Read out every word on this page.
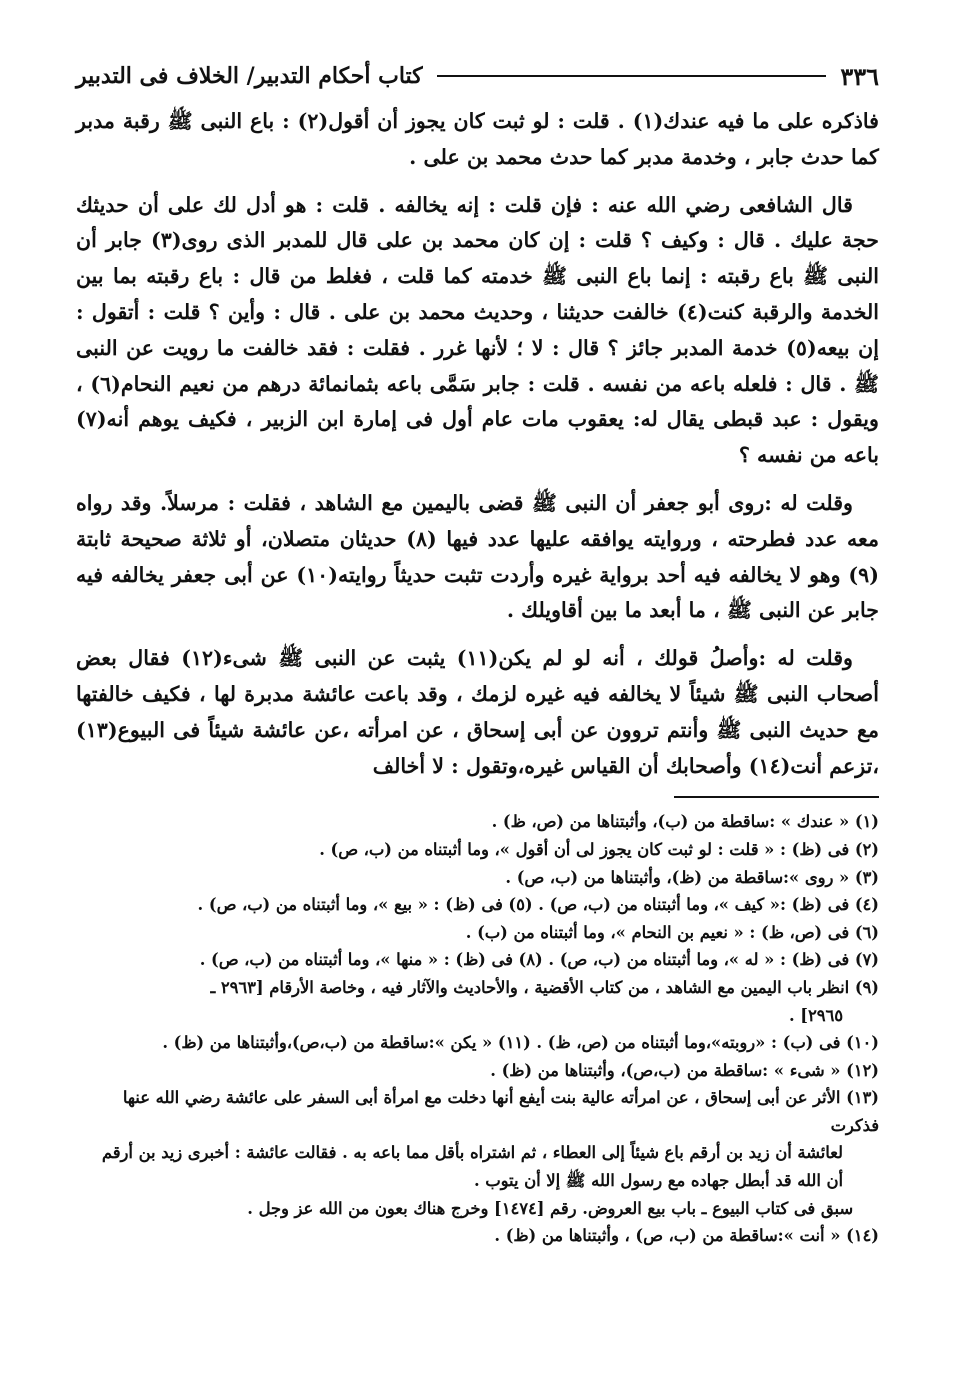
٣٣٦
كتاب أحكام التدبير/ الخلاف فى التدبير

فاذكره على ما فيه عندك(١) . قلت : لو ثبت كان يجوز أن أقول(٢) : باع النبى ﷺ رقبة مدبر كما حدث جابر ، وخدمة مدبر كما حدث محمد بن على .

قال الشافعى رضي الله عنه : فإن قلت : إنه يخالفه . قلت : هو أدل لك على أن حديثك حجة عليك . قال : وكيف ؟ قلت : إن كان محمد بن على قال للمدبر الذى روى(٣) جابر أن النبى ﷺ باع رقبته : إنما باع النبى ﷺ خدمته كما قلت ، فغلط من قال : باع رقبته بما بين الخدمة والرقبة كنت(٤) خالفت حديثنا ، وحديث محمد بن على . قال : وأين ؟ قلت : أتقول : إن بيعه(٥) خدمة المدبر جائز ؟ قال : لا ؛ لأنها غرر . فقلت : فقد خالفت ما رويت عن النبى ﷺ . قال : فلعله باعه من نفسه . قلت : جابر سَمَّى باعه بثمانمائة درهم من نعيم النحام(٦) ، ويقول : عبد قبطى يقال له: يعقوب مات عام أول فى إمارة ابن الزبير ، فكيف يوهم أنه(٧) باعه من نفسه ؟

وقلت له :روى أبو جعفر أن النبى ﷺ قضى باليمين مع الشاهد ، فقلت : مرسلاً. وقد رواه معه عدد فطرحته ، وروايته يوافقه عليها عدد فيها (٨) حديثان متصلان، أو ثلاثة صحيحة ثابتة (٩) وهو لا يخالفه فيه أحد برواية غيره وأردت تثبت حديثاً روايته(١٠) عن أبى جعفر يخالفه فيه جابر عن النبى ﷺ ، ما أبعد ما بين أقاويلك .

وقلت له :وأصلُ قولك ، أنه لو لم يكن(١١) يثبت عن النبى ﷺ شىء(١٢) فقال بعض أصحاب النبى ﷺ شيئاً لا يخالفه فيه غيره لزمك ، وقد باعت عائشة مدبرة لها ، فكيف خالفتها مع حديث النبى ﷺ وأنتم تروون عن أبى إسحاق ، عن امرأته ،عن عائشة شيئاً فى البيوع(١٣) ،تزعم أنت(١٤) وأصحابك أن القياس غيره،وتقول : لا أخالف

(١) « عندك » :ساقطة من (ب)، وأثبتناها من (ص، ظ) .

(٢) فى (ظ) : « قلت : لو ثبت كان يجوز لى أن أقول »، وما أثبتناه من (ب، ص) .

(٣) « روى »:ساقطة من (ظ)، وأثبتناها من (ب، ص) .

(٤) فى (ظ) :« كيف »، وما أثبتناه من (ب، ص) . (٥) فى (ظ) : « بيع »، وما أثبتناه من (ب، ص) .

(٦) فى (ص، ظ) : « نعيم بن النحام »، وما أثبتناه من (ب) .

(٧) فى (ظ) : « له »، وما أثبتناه من (ب، ص) . (٨) فى (ظ) : « منها »، وما أثبتناه من (ب، ص) .

(٩) انظر باب اليمين مع الشاهد ، من كتاب الأقضية ، والأحاديث والآثار فيه ، وخاصة الأرقام [٢٩٦٣ ـ

٢٩٦٥] .

(١٠) فى (ب) : «روبته»،وما أثبتناه من (ص، ظ) . (١١) « يكن »:ساقطة من (ب،ص)،وأثبتناها من (ظ) .

(١٢) « شىء » :ساقطة من (ب،ص)، وأثبتناها من (ظ) .

(١٣) الأثر عن أبى إسحاق ، عن امرأته عالية بنت أيفع أنها دخلت مع امرأة أبى السفر على عائشة رضي الله عنها فذكرت

لعائشة أن زيد بن أرقم باع شيئاً إلى العطاء ، ثم اشتراه بأقل مما باعه به . فقالت عائشة : أخبرى زيد بن أرقم

أن الله قد أبطل جهاده مع رسول الله ﷺ إلا أن يتوب .

سبق فى كتاب البيوع ـ باب بيع العروض. رقم [١٤٧٤] وخرج هناك بعون من الله عز وجل .

(١٤) « أنت »:ساقطة من (ب، ص) ، وأثبتناها من (ظ) .
